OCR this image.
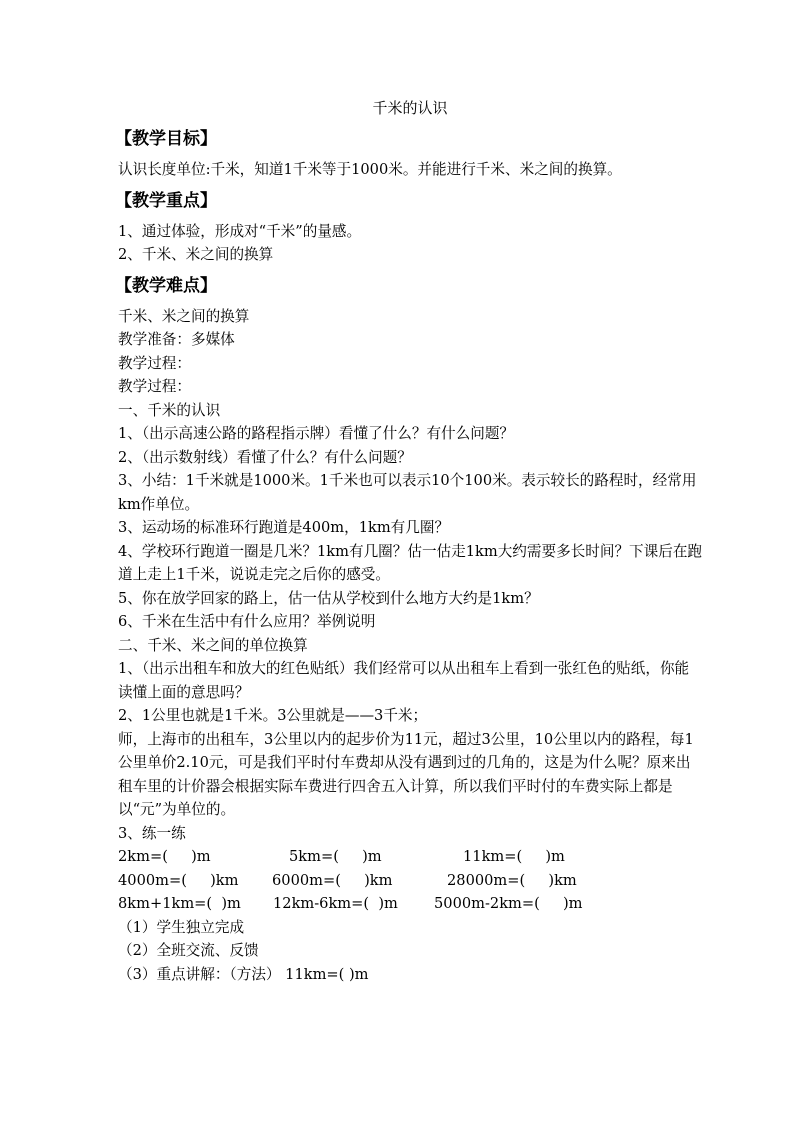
千米的认识
【教学目标】
认识长度单位:千米，知道1千米等于1000米。并能进行千米、米之间的换算。
【教学重点】
1、通过体验，形成对“千米”的量感。
2、千米、米之间的换算
【教学难点】
千米、米之间的换算
教学准备：多媒体
教学过程：
教学过程：
一、千米的认识
1、（出示高速公路的路程指示牌）看懂了什么？有什么问题？
2、（出示数射线）看懂了什么？有什么问题？
3、小结：1千米就是1000米。1千米也可以表示10个100米。表示较长的路程时，经常用km作单位。
3、运动场的标准环行跑道是400m，1km有几圈？
4、学校环行跑道一圈是几米？1km有几圈？估一估走1km大约需要多长时间？下课后在跑道上走上1千米，说说走完之后你的感受。
5、你在放学回家的路上，估一估从学校到什么地方大约是1km？
6、千米在生活中有什么应用？举例说明
二、千米、米之间的单位换算
1、（出示出租车和放大的红色贴纸）我们经常可以从出租车上看到一张红色的贴纸，你能读懂上面的意思吗？
2、1公里也就是1千米。3公里就是——3千米；
师，上海市的出租车，3公里以内的起步价为11元，超过3公里，10公里以内的路程，每1公里单价2.10元，可是我们平时付车费却从没有遇到过的几角的，这是为什么呢？原来出租车里的计价器会根据实际车费进行四舍五入计算，所以我们平时付的车费实际上都是以“元”为单位的。
3、练一练
2km=(     )m	5km=(     )m	11km=(     )m
4000m=(     )km 6000m=(     )km	28000m=(     )km
8km+1km=(  )m 12km-6km=(  )m 5000m-2km=(     )m
（1）学生独立完成
（2）全班交流、反馈
（3）重点讲解：（方法） 11km=( )m
